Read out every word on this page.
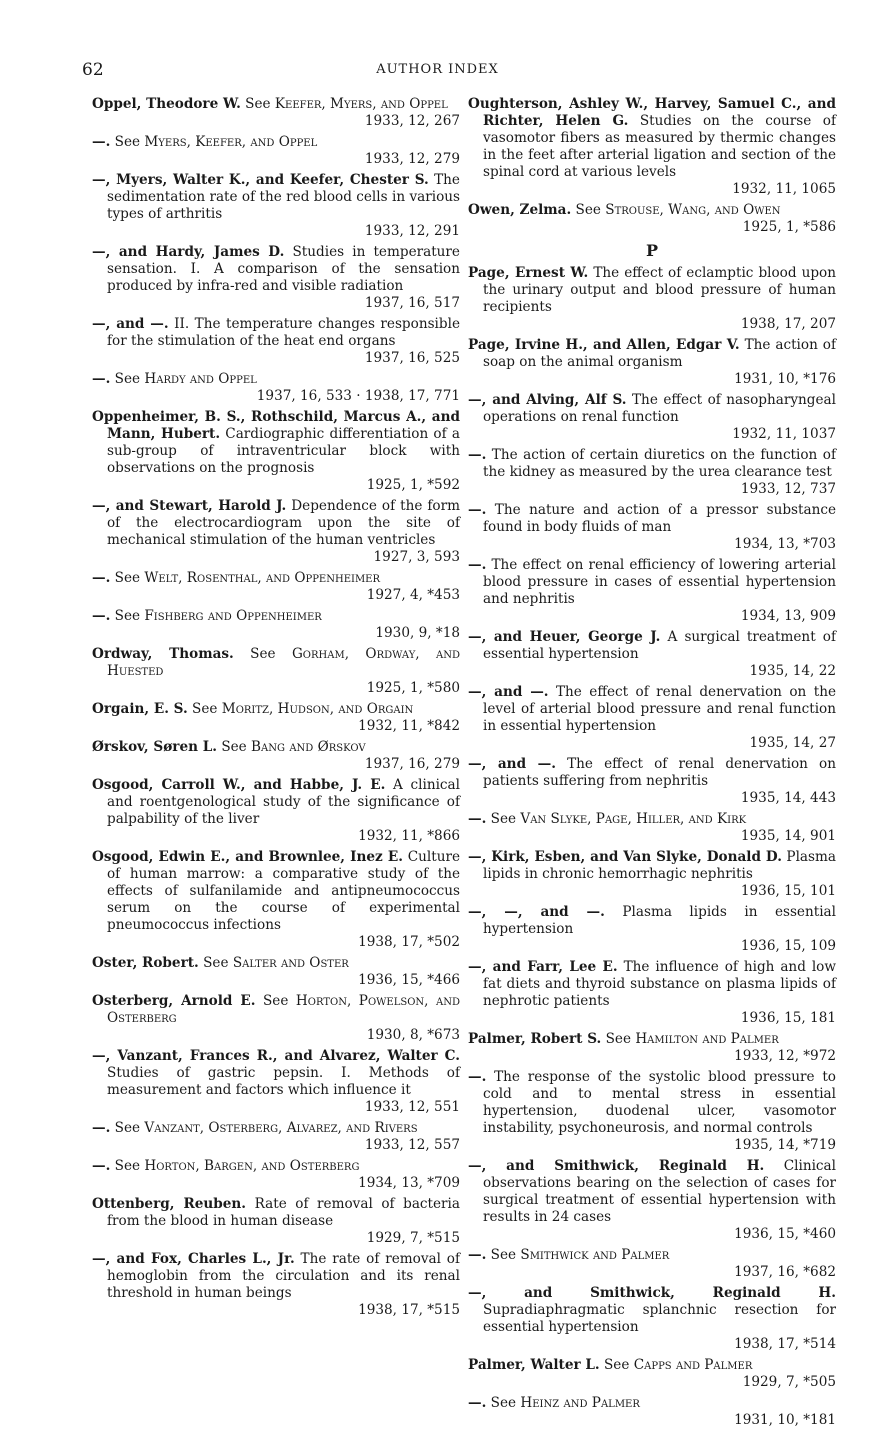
62	AUTHOR INDEX
Oppel, Theodore W. See Keefer, Myers, and Oppel
1933, 12, 267
—. See Myers, Keefer, and Oppel
1933, 12, 279
—, Myers, Walter K., and Keefer, Chester S. The sedimentation rate of the red blood cells in various types of arthritis
1933, 12, 291
—, and Hardy, James D. Studies in temperature sensation. I. A comparison of the sensation produced by infra-red and visible radiation
1937, 16, 517
—, and —. II. The temperature changes responsible for the stimulation of the heat end organs
1937, 16, 525
—. See Hardy and Oppel
1937, 16, 533 · 1938, 17, 771
Oppenheimer, B. S., Rothschild, Marcus A., and Mann, Hubert. Cardiographic differentiation of a sub-group of intraventricular block with observations on the prognosis
1925, 1, *592
—, and Stewart, Harold J. Dependence of the form of the electrocardiogram upon the site of mechanical stimulation of the human ventricles
1927, 3, 593
—. See Welt, Rosenthal, and Oppenheimer
1927, 4, *453
—. See Fishberg and Oppenheimer
1930, 9, *18
Ordway, Thomas. See Gorham, Ordway, and Huested
1925, 1, *580
Orgain, E. S. See Moritz, Hudson, and Orgain
1932, 11, *842
Ørskov, Søren L. See Bang and Ørskov
1937, 16, 279
Osgood, Carroll W., and Habbe, J. E. A clinical and roentgenological study of the significance of palpability of the liver
1932, 11, *866
Osgood, Edwin E., and Brownlee, Inez E. Culture of human marrow: a comparative study of the effects of sulfanilamide and antipneumococcus serum on the course of experimental pneumococcus infections
1938, 17, *502
Oster, Robert. See Salter and Oster
1936, 15, *466
Osterberg, Arnold E. See Horton, Powelson, and Osterberg
1930, 8, *673
—, Vanzant, Frances R., and Alvarez, Walter C. Studies of gastric pepsin. I. Methods of measurement and factors which influence it
1933, 12, 551
—. See Vanzant, Osterberg, Alvarez, and Rivers
1933, 12, 557
—. See Horton, Bargen, and Osterberg
1934, 13, *709
Ottenberg, Reuben. Rate of removal of bacteria from the blood in human disease
1929, 7, *515
—, and Fox, Charles L., Jr. The rate of removal of hemoglobin from the circulation and its renal threshold in human beings
1938, 17, *515
Oughterson, Ashley W., Harvey, Samuel C., and Richter, Helen G. Studies on the course of vasomotor fibers as measured by thermic changes in the feet after arterial ligation and section of the spinal cord at various levels
1932, 11, 1065
Owen, Zelma. See Strouse, Wang, and Owen
1925, 1, *586
P
Page, Ernest W. The effect of eclamptic blood upon the urinary output and blood pressure of human recipients
1938, 17, 207
Page, Irvine H., and Allen, Edgar V. The action of soap on the animal organism
1931, 10, *176
—, and Alving, Alf S. The effect of nasopharyngeal operations on renal function
1932, 11, 1037
—. The action of certain diuretics on the function of the kidney as measured by the urea clearance test
1933, 12, 737
—. The nature and action of a pressor substance found in body fluids of man
1934, 13, *703
—. The effect on renal efficiency of lowering arterial blood pressure in cases of essential hypertension and nephritis
1934, 13, 909
—, and Heuer, George J. A surgical treatment of essential hypertension
1935, 14, 22
—, and —. The effect of renal denervation on the level of arterial blood pressure and renal function in essential hypertension
1935, 14, 27
—, and —. The effect of renal denervation on patients suffering from nephritis
1935, 14, 443
—. See Van Slyke, Page, Hiller, and Kirk
1935, 14, 901
—, Kirk, Esben, and Van Slyke, Donald D. Plasma lipids in chronic hemorrhagic nephritis
1936, 15, 101
—, —, and —. Plasma lipids in essential hypertension
1936, 15, 109
—, and Farr, Lee E. The influence of high and low fat diets and thyroid substance on plasma lipids of nephrotic patients
1936, 15, 181
Palmer, Robert S. See Hamilton and Palmer
1933, 12, *972
—. The response of the systolic blood pressure to cold and to mental stress in essential hypertension, duodenal ulcer, vasomotor instability, psychoneurosis, and normal controls
1935, 14, *719
—, and Smithwick, Reginald H. Clinical observations bearing on the selection of cases for surgical treatment of essential hypertension with results in 24 cases
1936, 15, *460
—. See Smithwick and Palmer
1937, 16, *682
—, and Smithwick, Reginald H. Supradiaphragmatic splanchnic resection for essential hypertension
1938, 17, *514
Palmer, Walter L. See Capps and Palmer
1929, 7, *505
—. See Heinz and Palmer
1931, 10, *181
